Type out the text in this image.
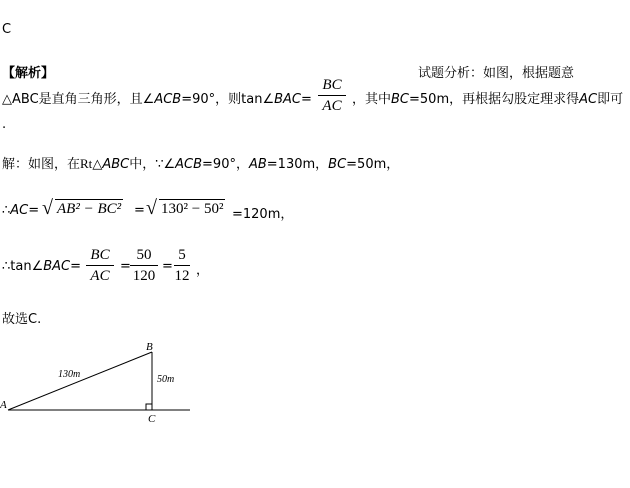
C
【解析】	试题分析：如图，根据题意
△ABC是直角三角形，且∠ACB=90°，则tan∠BAC=
BC
AC ，其中BC=50m，再根据勾股定理求得AC即可
.
解：如图，在Rt△ABC中，∵∠ACB=90°，AB=130m，BC=50m，
∴AC= √ AB² − BC² = √ 130² − 50² =120m，
∴tan∠BAC=
BC
AC
=
50
120
=
5
12 ，
故选C.
A
B
C
130m	50m
